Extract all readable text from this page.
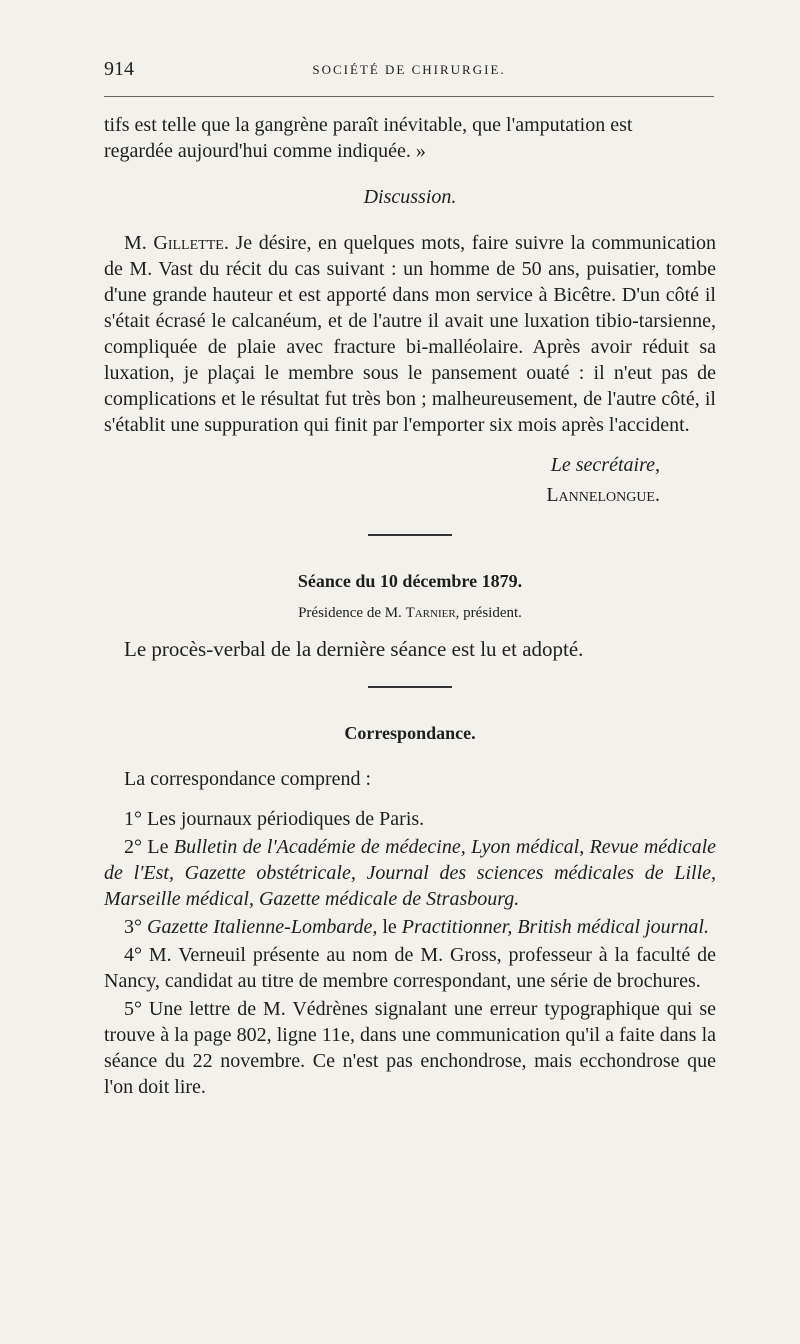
914	SOCIÉTÉ DE CHIRURGIE.

tifs est telle que la gangrène paraît inévitable, que l'amputation est

regardée aujourd'hui comme indiquée. »

Discussion.

M. Gillette. Je désire, en quelques mots, faire suivre la communication de M. Vast du récit du cas suivant : un homme de 50 ans, puisatier, tombe d'une grande hauteur et est apporté dans mon service à Bicêtre. D'un côté il s'était écrasé le calcanéum, et de l'autre il avait une luxation tibio-tarsienne, compliquée de plaie avec fracture bi-malléolaire. Après avoir réduit sa luxation, je plaçai le membre sous le pansement ouaté : il n'eut pas de complications et le résultat fut très bon ; malheureusement, de l'autre côté, il s'établit une suppuration qui finit par l'emporter six mois après l'accident.

Le secrétaire,

Lannelongue.

Séance du 10 décembre 1879.

Présidence de M. Tarnier, président.

Le procès-verbal de la dernière séance est lu et adopté.

Correspondance.

La correspondance comprend :

1° Les journaux périodiques de Paris.

2° Le Bulletin de l'Académie de médecine, Lyon médical, Revue médicale de l'Est, Gazette obstétricale, Journal des sciences médicales de Lille, Marseille médical, Gazette médicale de Strasbourg.

3° Gazette Italienne-Lombarde, le Practitionner, British médical journal.

4° M. Verneuil présente au nom de M. Gross, professeur à la faculté de Nancy, candidat au titre de membre correspondant, une série de brochures.

5° Une lettre de M. Védrènes signalant une erreur typographique qui se trouve à la page 802, ligne 11e, dans une communication qu'il a faite dans la séance du 22 novembre. Ce n'est pas enchondrose, mais ecchondrose que l'on doit lire.
